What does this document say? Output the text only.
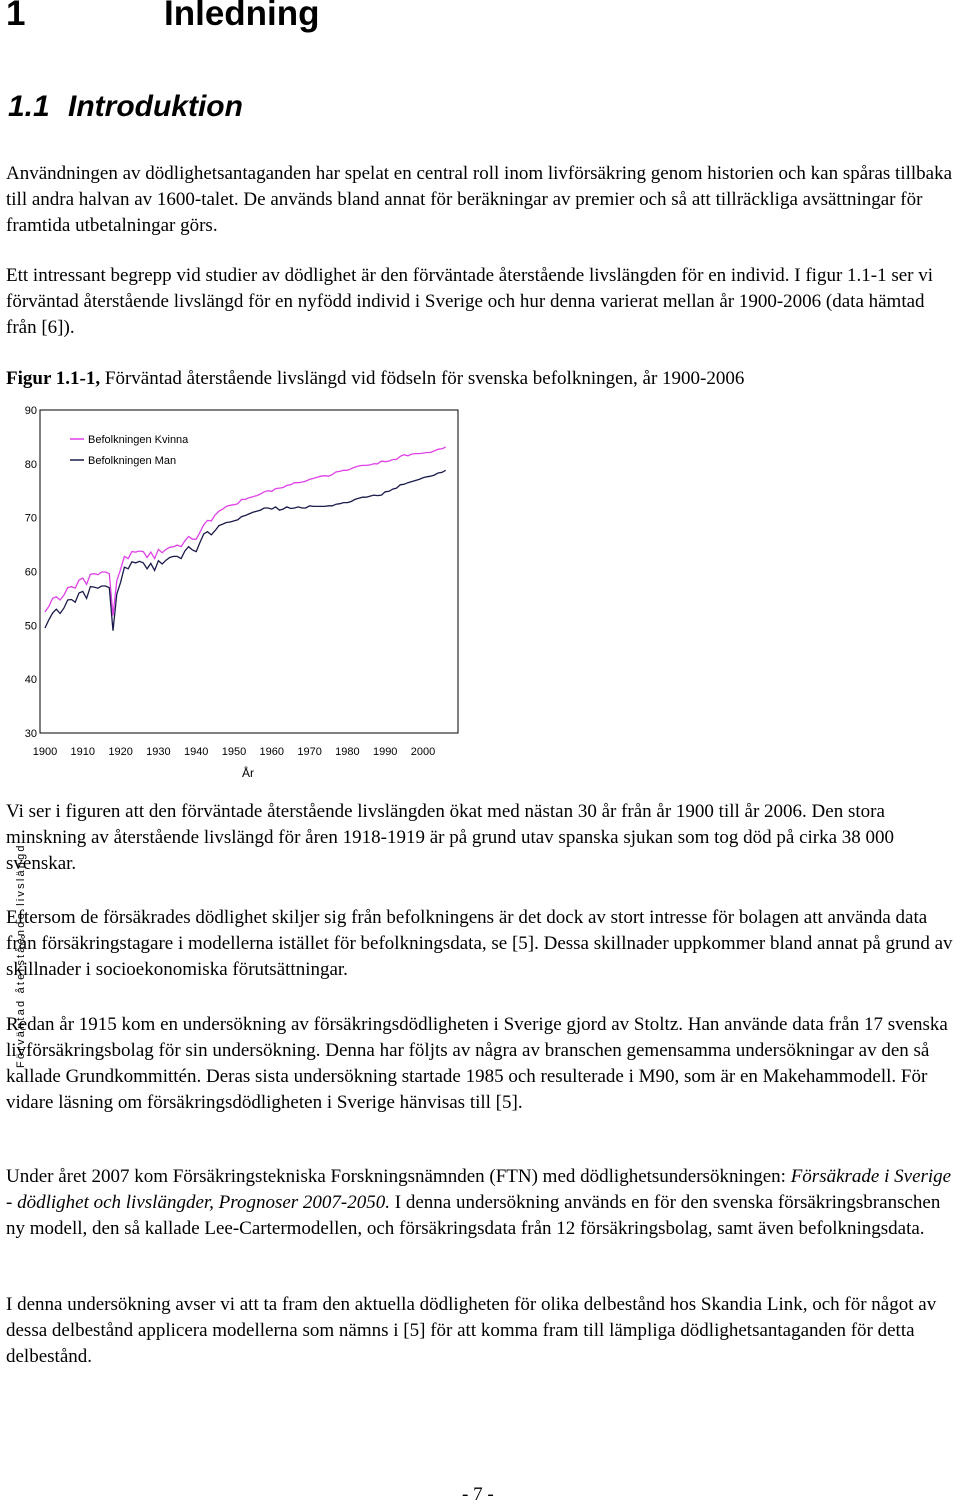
1	Inledning
1.1 Introduktion

Användningen av dödlighetsantaganden har spelat en central roll inom livförsäkring genom historien och kan spåras tillbaka till andra halvan av 1600-talet. De används bland annat för beräkningar av premier och så att tillräckliga avsättningar för framtida utbetalningar görs.

Ett intressant begrepp vid studier av dödlighet är den förväntade återstående livslängden för en individ. I figur 1.1-1 ser vi förväntad återstående livslängd för en nyfödd individ i Sverige och hur denna varierat mellan år 1900-2006 (data hämtad från [6]).

Figur 1.1-1, Förväntad återstående livslängd vid födseln för svenska befolkningen, år 1900-2006

90
80
70
60
50
40
30
1900 1910 1920 1930 1940 1950 1960 1970 1980 1990 2000
Befolkningen Kvinna
Befolkningen Man
Förväntad återstående livslängd
År

Vi ser i figuren att den förväntade återstående livslängden ökat med nästan 30 år från år 1900 till år 2006. Den stora minskning av återstående livslängd för åren 1918-1919 är på grund utav spanska sjukan som tog död på cirka 38 000 svenskar.

Eftersom de försäkrades dödlighet skiljer sig från befolkningens är det dock av stort intresse för bolagen att använda data från försäkringstagare i modellerna istället för befolkningsdata, se [5]. Dessa skillnader uppkommer bland annat på grund av skillnader i socioekonomiska förutsättningar.

Redan år 1915 kom en undersökning av försäkringsdödligheten i Sverige gjord av Stoltz. Han använde data från 17 svenska livförsäkringsbolag för sin undersökning. Denna har följts av några av branschen gemensamma undersökningar av den så kallade Grundkommittén. Deras sista undersökning startade 1985 och resulterade i M90, som är en Makehammodell. För vidare läsning om försäkringsdödligheten i Sverige hänvisas till [5].

Under året 2007 kom Försäkringstekniska Forskningsnämnden (FTN) med dödlighetsundersökningen: Försäkrade i Sverige - dödlighet och livslängder, Prognoser 2007-2050. I denna undersökning används en för den svenska försäkringsbranschen ny modell, den så kallade Lee-Cartermodellen, och försäkringsdata från 12 försäkringsbolag, samt även befolkningsdata.

I denna undersökning avser vi att ta fram den aktuella dödligheten för olika delbestånd hos Skandia Link, och för något av dessa delbestånd applicera modellerna som nämns i [5] för att komma fram till lämpliga dödlighetsantaganden för detta delbestånd.

- 7 -
